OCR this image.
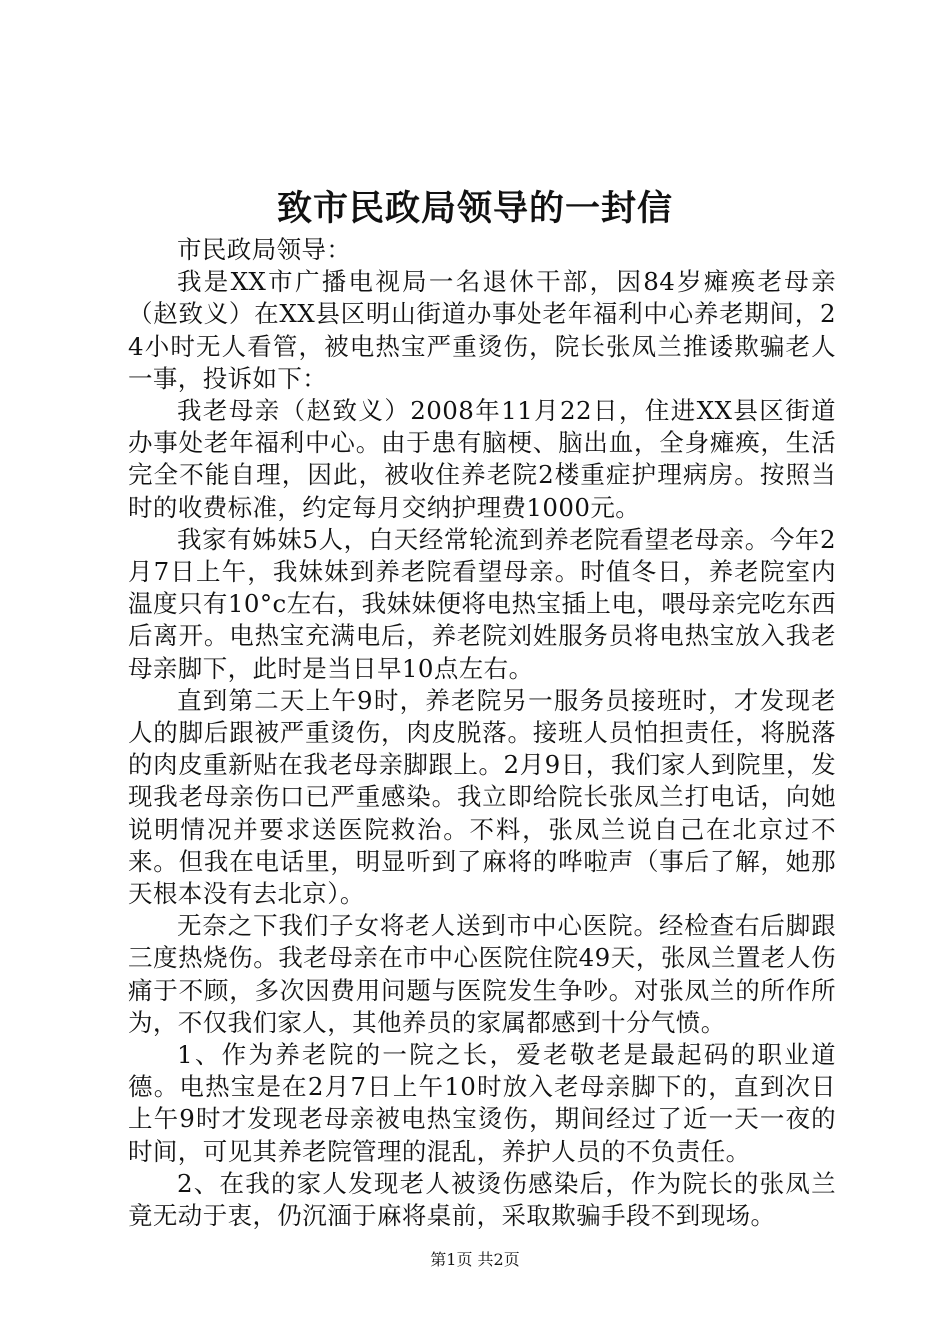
致市民政局领导的一封信

市民政局领导：

我是XX市广播电视局一名退休干部，因84岁瘫痪老母亲（赵致义）在XX县区明山街道办事处老年福利中心养老期间，24小时无人看管，被电热宝严重烫伤，院长张凤兰推诿欺骗老人一事，投诉如下：

我老母亲（赵致义）2008年11月22日，住进XX县区街道办事处老年福利中心。由于患有脑梗、脑出血，全身瘫痪，生活完全不能自理，因此，被收住养老院2楼重症护理病房。按照当时的收费标准，约定每月交纳护理费1000元。

我家有姊妹5人，白天经常轮流到养老院看望老母亲。今年2月7日上午，我妹妹到养老院看望母亲。时值冬日，养老院室内温度只有10°c左右，我妹妹便将电热宝插上电，喂母亲完吃东西后离开。电热宝充满电后，养老院刘姓服务员将电热宝放入我老母亲脚下，此时是当日早10点左右。

直到第二天上午9时，养老院另一服务员接班时，才发现老人的脚后跟被严重烫伤，肉皮脱落。接班人员怕担责任，将脱落的肉皮重新贴在我老母亲脚跟上。2月9日，我们家人到院里，发现我老母亲伤口已严重感染。我立即给院长张凤兰打电话，向她说明情况并要求送医院救治。不料，张凤兰说自己在北京过不来。但我在电话里，明显听到了麻将的哗啦声（事后了解，她那天根本没有去北京）。

无奈之下我们子女将老人送到市中心医院。经检查右后脚跟三度热烧伤。我老母亲在市中心医院住院49天，张凤兰置老人伤痛于不顾，多次因费用问题与医院发生争吵。对张凤兰的所作所为，不仅我们家人，其他养员的家属都感到十分气愤。

1、作为养老院的一院之长，爱老敬老是最起码的职业道德。电热宝是在2月7日上午10时放入老母亲脚下的，直到次日上午9时才发现老母亲被电热宝烫伤，期间经过了近一天一夜的时间，可见其养老院管理的混乱，养护人员的不负责任。

2、在我的家人发现老人被烫伤感染后，作为院长的张凤兰竟无动于衷，仍沉湎于麻将桌前，采取欺骗手段不到现场。

第1页 共2页
